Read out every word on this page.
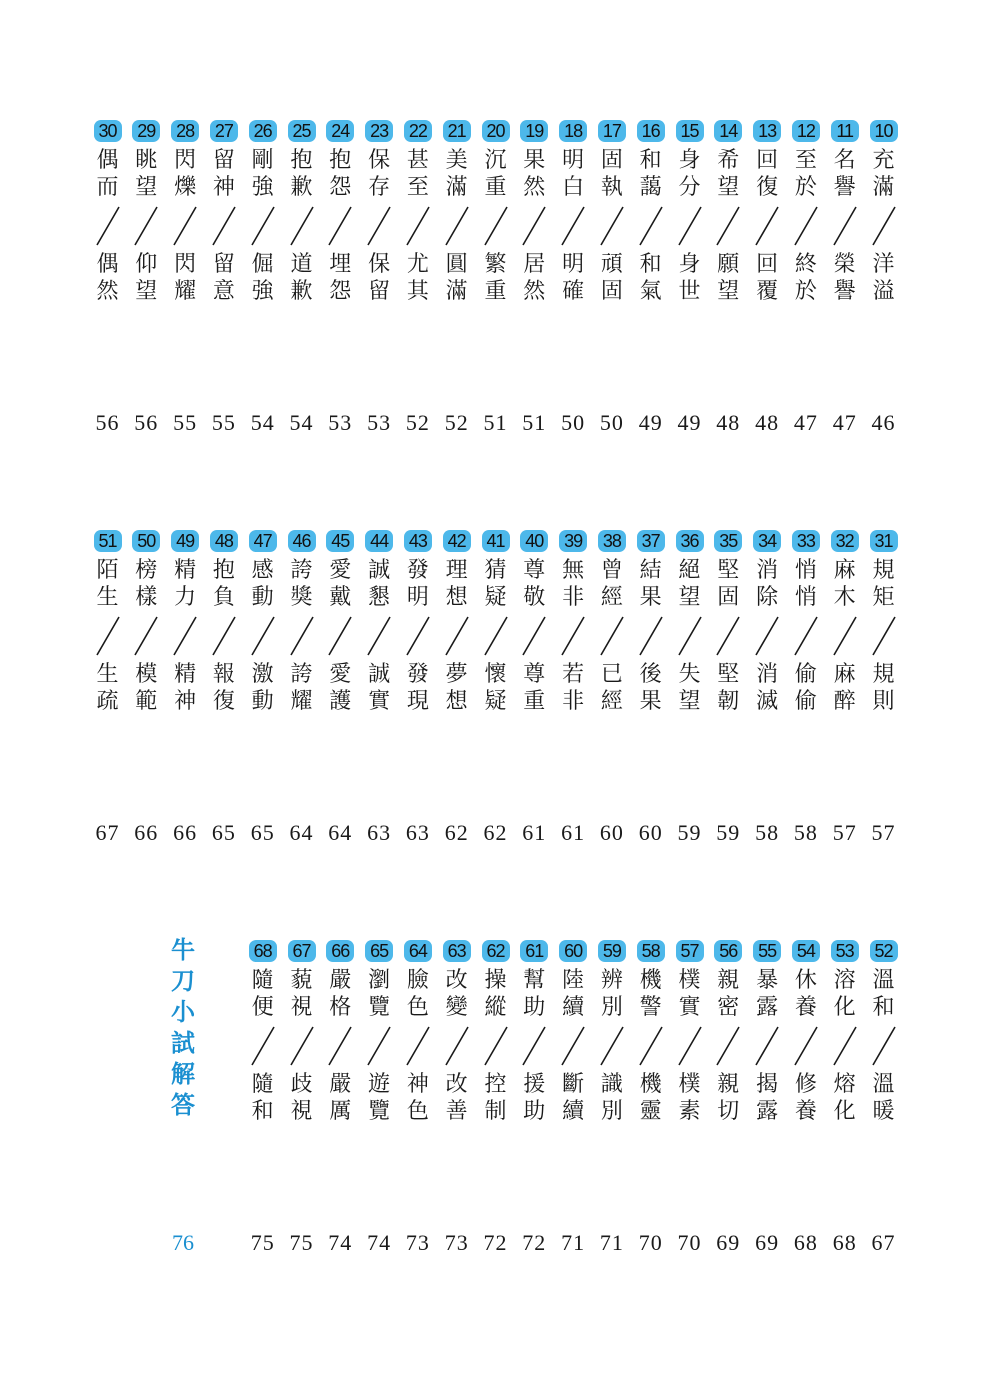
10
充
滿
洋
溢
46
11
名
譽
榮
譽
47
12
至
於
終
於
47
13
回
復
回
覆
48
14
希
望
願
望
48
15
身
分
身
世
49
16
和
藹
和
氣
49
17
固
執
頑
固
50
18
明
白
明
確
50
19
果
然
居
然
51
20
沉
重
繁
重
51
21
美
滿
圓
滿
52
22
甚
至
尤
其
52
23
保
存
保
留
53
24
抱
怨
埋
怨
53
25
抱
歉
道
歉
54
26
剛
強
倔
強
54
27
留
神
留
意
55
28
閃
爍
閃
耀
55
29
眺
望
仰
望
56
30
偶
而
偶
然
56
31
規
矩
規
則
57
32
麻
木
麻
醉
57
33
悄
悄
偷
偷
58
34
消
除
消
滅
58
35
堅
固
堅
韌
59
36
絕
望
失
望
59
37
結
果
後
果
60
38
曾
經
已
經
60
39
無
非
若
非
61
40
尊
敬
尊
重
61
41
猜
疑
懷
疑
62
42
理
想
夢
想
62
43
發
明
發
現
63
44
誠
懇
誠
實
63
45
愛
戴
愛
護
64
46
誇
獎
誇
耀
64
47
感
動
激
動
65
48
抱
負
報
復
65
49
精
力
精
神
66
50
榜
樣
模
範
66
51
陌
生
生
疏
67
52
溫
和
溫
暖
67
53
溶
化
熔
化
68
54
休
養
修
養
68
55
暴
露
揭
露
69
56
親
密
親
切
69
57
樸
實
樸
素
70
58
機
警
機
靈
70
59
辨
別
識
別
71
60
陸
續
斷
續
71
61
幫
助
援
助
72
62
操
縱
控
制
72
63
改
變
改
善
73
64
臉
色
神
色
73
65
瀏
覽
遊
覽
74
66
嚴
格
嚴
厲
74
67
藐
視
歧
視
75
68
隨
便
隨
和
75
牛
刀
小
試
解
答
76
